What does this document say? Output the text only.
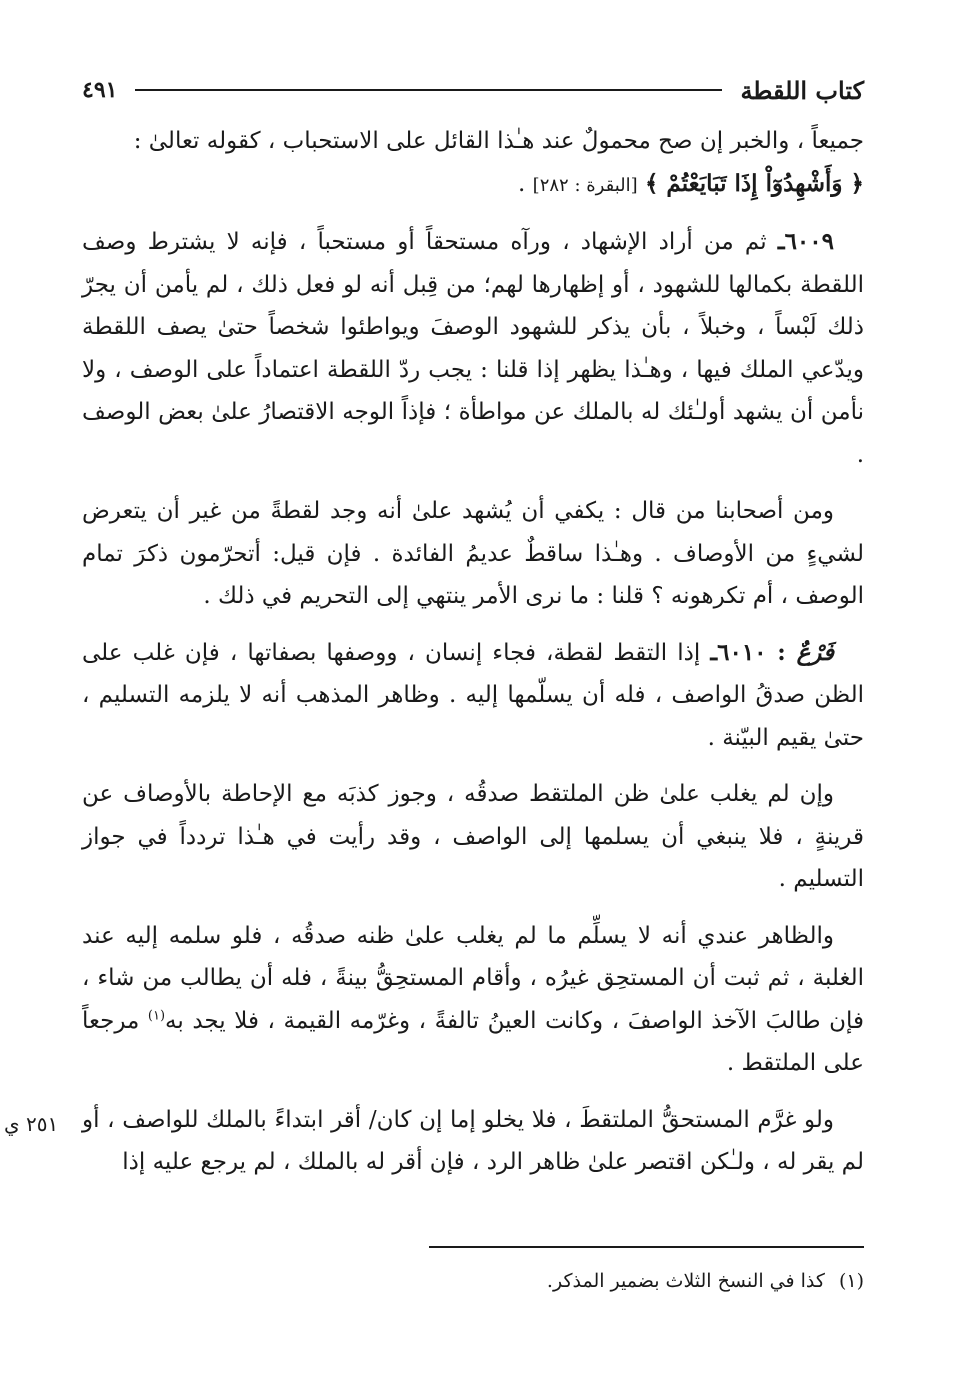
كتاب اللقطة
٤٩١

جميعاً ، والخبر إن صح محمولٌ عند هـٰذا القائل على الاستحباب ، كقوله تعالىٰ :
﴿ وَأَشْهِدُوٓاْ إِذَا تَبَايَعْتُمْ ﴾ [البقرة : ٢٨٢] .

٦٠٠٩ـ ثم من أراد الإشهاد ، ورآه مستحقاً أو مستحباً ، فإنه لا يشترط وصف اللقطة بكمالها للشهود ، أو إظهارها لهم؛ من قِبل أنه لو فعل ذلك ، لم يأمن أن يجرّ ذلك لَبْساً ، وخبلاً ، بأن يذكر للشهود الوصفَ ويواطئوا شخصاً حتىٰ يصف اللقطة ويدّعي الملك فيها ، وهـٰذا يظهر إذا قلنا : يجب ردّ اللقطة اعتماداً على الوصف ، ولا نأمن أن يشهد أولـٰئك له بالملك عن مواطأة ؛ فإذاً الوجه الاقتصارُ علىٰ بعض الوصف .

ومن أصحابنا من قال : يكفي أن يُشهد علىٰ أنه وجد لقطةً من غير أن يتعرض لشيءٍ من الأوصاف . وهـٰذا ساقطٌ عديمُ الفائدة . فإن قيل: أتحرّمون ذكرَ تمام الوصف ، أم تكرهونه ؟ قلنا : ما نرى الأمر ينتهي إلى التحريم في ذلك .

فَرْعٌ : ٦٠١٠ـ إذا التقط لقطة، فجاء إنسان ، ووصفها بصفاتها ، فإن غلب على الظن صدقُ الواصف ، فله أن يسلّمها إليه . وظاهر المذهب أنه لا يلزمه التسليم ، حتىٰ يقيم البيّنة .

وإن لم يغلب علىٰ ظن الملتقط صدقُه ، وجوز كذبَه مع الإحاطة بالأوصاف عن قرينةٍ ، فلا ينبغي أن يسلمها إلى الواصف ، وقد رأيت في هـٰذا تردداً في جواز التسليم .

والظاهر عندي أنه لا يسلِّم ما لم يغلب علىٰ ظنه صدقُه ، فلو سلمه إليه عند الغلبة ، ثم ثبت أن المستحِق غيرُه ، وأقام المستحِقُّ بينةً ، فله أن يطالب من شاء ، فإن طالبَ الآخذ الواصفَ ، وكانت العينُ تالفةً ، وغرّمه القيمة ، فلا يجد به$^{(١)}$ مرجعاً على الملتقط .

ولو غرَّم المستحقُّ الملتقطَ ، فلا يخلو إما إن كان/ أقر ابتداءً بالملك للواصف ، أو لم يقر له ، ولـٰكن اقتصر علىٰ ظاهر الرد ، فإن أقر له بالملك ، لم يرجع عليه إذا
٢٥١ ي

(١)كذا في النسخ الثلاث بضمير المذكر.
